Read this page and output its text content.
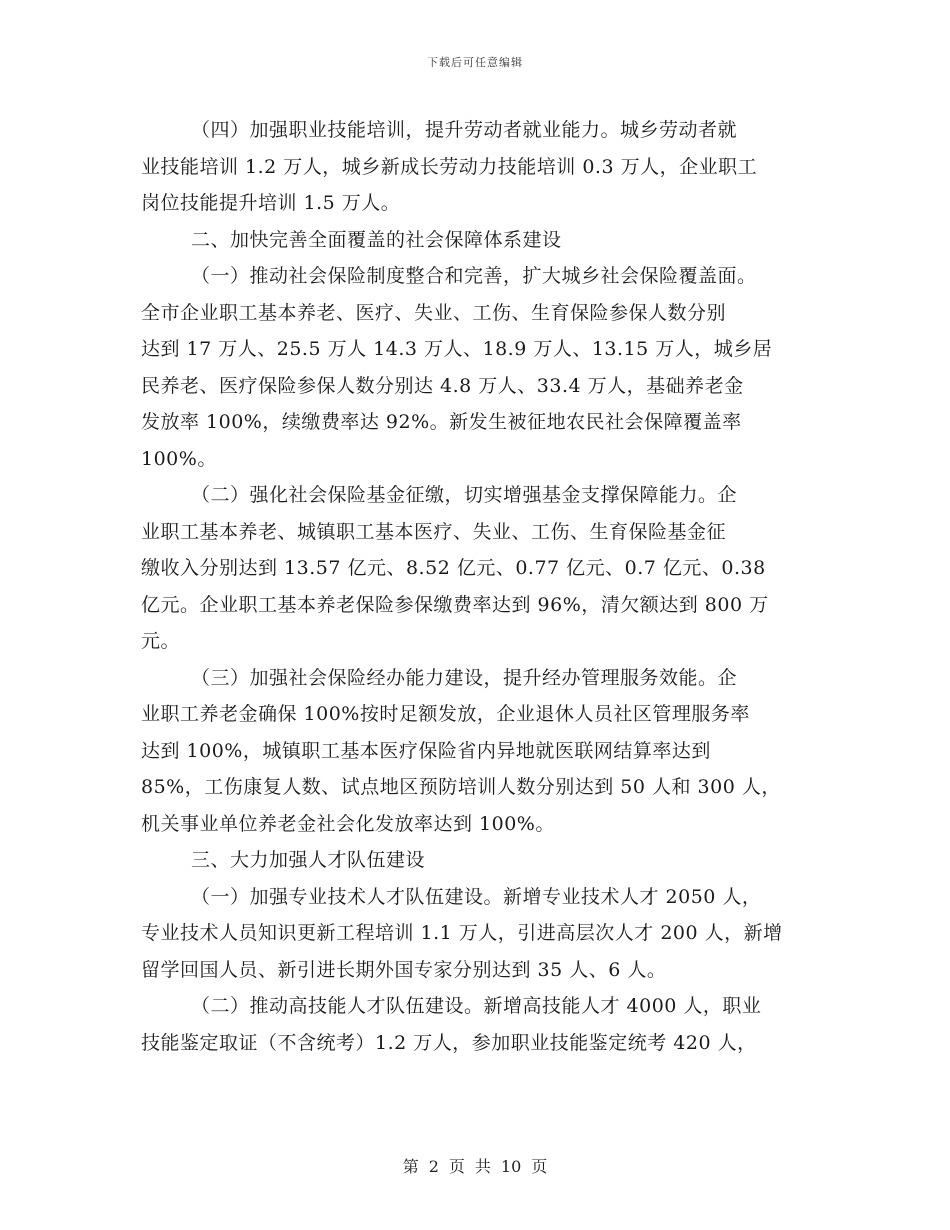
下载后可任意编辑
（四）加强职业技能培训，提升劳动者就业能力。城乡劳动者就
业技能培训 1.2 万人，城乡新成长劳动力技能培训 0.3 万人，企业职工
岗位技能提升培训 1.5 万人。
二、加快完善全面覆盖的社会保障体系建设
（一）推动社会保险制度整合和完善，扩大城乡社会保险覆盖面。
全市企业职工基本养老、医疗、失业、工伤、生育保险参保人数分别
达到 17 万人、25.5 万人 14.3 万人、18.9 万人、13.15 万人，城乡居
民养老、医疗保险参保人数分别达 4.8 万人、33.4 万人，基础养老金
发放率 100%，续缴费率达 92%。新发生被征地农民社会保障覆盖率
100%。
（二）强化社会保险基金征缴，切实增强基金支撑保障能力。企
业职工基本养老、城镇职工基本医疗、失业、工伤、生育保险基金征
缴收入分别达到 13.57 亿元、8.52 亿元、0.77 亿元、0.7 亿元、0.38
亿元。企业职工基本养老保险参保缴费率达到 96%，清欠额达到 800 万
元。
（三）加强社会保险经办能力建设，提升经办管理服务效能。企
业职工养老金确保 100%按时足额发放，企业退休人员社区管理服务率
达到 100%，城镇职工基本医疗保险省内异地就医联网结算率达到
85%，工伤康复人数、试点地区预防培训人数分别达到 50 人和 300 人，
机关事业单位养老金社会化发放率达到 100%。
三、大力加强人才队伍建设
（一）加强专业技术人才队伍建设。新增专业技术人才 2050 人，
专业技术人员知识更新工程培训 1.1 万人，引进高层次人才 200 人，新增
留学回国人员、新引进长期外国专家分别达到 35 人、6 人。
（二）推动高技能人才队伍建设。新增高技能人才 4000 人，职业
技能鉴定取证（不含统考）1.2 万人，参加职业技能鉴定统考 420 人，
第 2 页 共 10 页
